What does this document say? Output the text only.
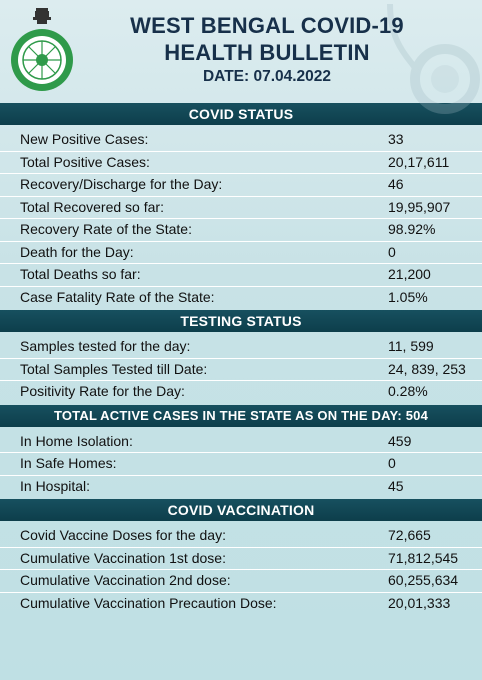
WEST BENGAL COVID-19
HEALTH BULLETIN
DATE: 07.04.2022
COVID STATUS
New Positive Cases:	33
Total Positive Cases:	20,17,611
Recovery/Discharge for the Day:	46
Total Recovered so far:	19,95,907
Recovery Rate of the State:	98.92%
Death for the Day:	0
Total Deaths so far:	21,200
Case Fatality Rate of the State:	1.05%
TESTING STATUS
Samples tested for the day:	11, 599
Total Samples Tested till Date:	24, 839, 253
Positivity Rate for the Day:	0.28%
TOTAL ACTIVE CASES IN THE STATE AS ON THE DAY: 504
In Home Isolation:	459
In Safe Homes:	0
In Hospital:	45
COVID VACCINATION
Covid Vaccine Doses for the day:	72,665
Cumulative Vaccination 1st dose:	71,812,545
Cumulative Vaccination 2nd dose:	60,255,634
Cumulative Vaccination Precaution Dose:	20,01,333
